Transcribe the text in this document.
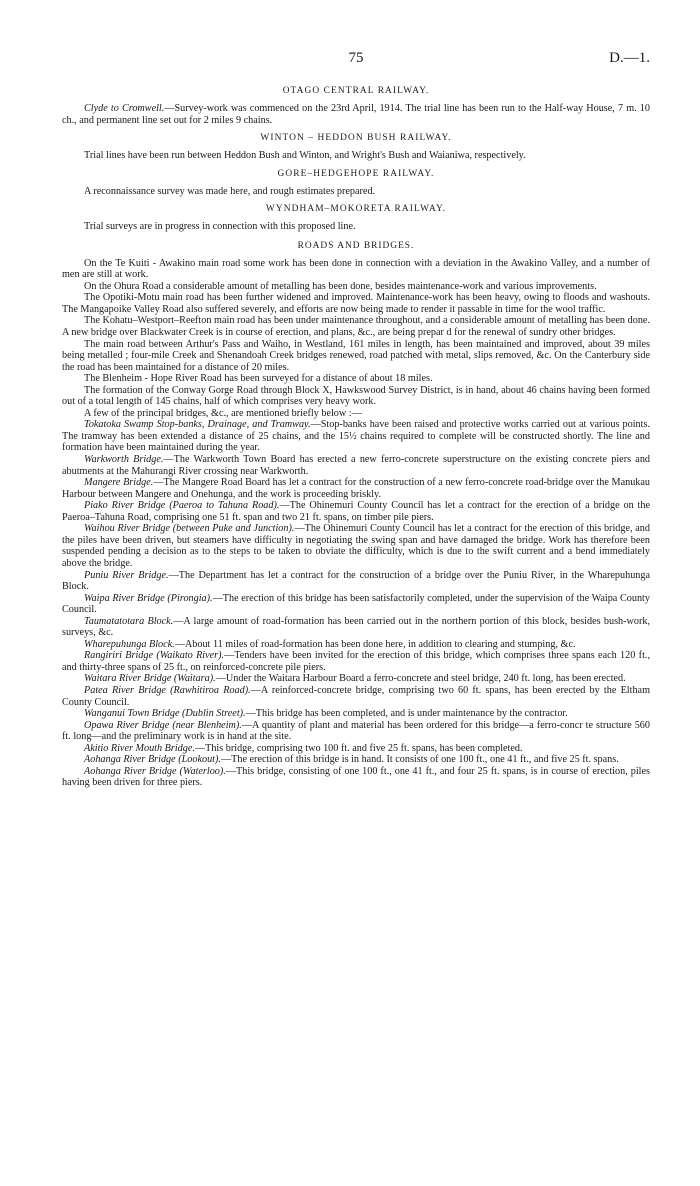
75	D.—1.
OTAGO CENTRAL RAILWAY.

Clyde to Cromwell.—Survey-work was commenced on the 23rd April, 1914. The trial line has been run to the Half-way House, 7 m. 10 ch., and permanent line set out for 2 miles 9 chains.

WINTON – HEDDON BUSH RAILWAY.

Trial lines have been run between Heddon Bush and Winton, and Wright's Bush and Waianiwa, respectively.

GORE–HEDGEHOPE RAILWAY.

A reconnaissance survey was made here, and rough estimates prepared.

WYNDHAM–MOKORETA RAILWAY.

Trial surveys are in progress in connection with this proposed line.

ROADS AND BRIDGES.

On the Te Kuiti - Awakino main road some work has been done in connection with a deviation in the Awakino Valley, and a number of men are still at work.

On the Ohura Road a considerable amount of metalling has been done, besides maintenance-work and various improvements.

The Opotiki-Motu main road has been further widened and improved. Maintenance-work has been heavy, owing to floods and washouts. The Mangapoike Valley Road also suffered severely, and efforts are now being made to render it passable in time for the wool traffic.

The Kohatu–Westport–Reefton main road has been under maintenance throughout, and a considerable amount of metalling has been done. A new bridge over Blackwater Creek is in course of erection, and plans, &c., are being prepar d for the renewal of sundry other bridges.

The main road between Arthur's Pass and Waiho, in Westland, 161 miles in length, has been maintained and improved, about 39 miles being metalled ; four-mile Creek and Shenandoah Creek bridges renewed, road patched with metal, slips removed, &c. On the Canterbury side the road has been maintained for a distance of 20 miles.

The Blenheim - Hope River Road has been surveyed for a distance of about 18 miles.

The formation of the Conway Gorge Road through Block X, Hawkswood Survey District, is in hand, about 46 chains having been formed out of a total length of 145 chains, half of which comprises very heavy work.

A few of the principal bridges, &c., are mentioned briefly below :—

Tokatoka Swamp Stop-banks, Drainage, and Tramway.—Stop-banks have been raised and protective works carried out at various points. The tramway has been extended a distance of 25 chains, and the 15½ chains required to complete will be constructed shortly. The line and formation have been maintained during the year.

Warkworth Bridge.—The Warkworth Town Board has erected a new ferro-concrete superstructure on the existing concrete piers and abutments at the Mahurangi River crossing near Warkworth.

Mangere Bridge.—The Mangere Road Board has let a contract for the construction of a new ferro-concrete road-bridge over the Manukau Harbour between Mangere and Onehunga, and the work is proceeding briskly.

Piako River Bridge (Paeroa to Tahuna Road).—The Ohinemuri County Council has let a contract for the erection of a bridge on the Paeroa–Tahuna Road, comprising one 51 ft. span and two 21 ft. spans, on timber pile piers.

Waihou River Bridge (between Puke and Junction).—The Ohinemuri County Council has let a contract for the erection of this bridge, and the piles have been driven, but steamers have difficulty in negotiating the swing span and have damaged the bridge. Work has therefore been suspended pending a decision as to the steps to be taken to obviate the difficulty, which is due to the swift current and a bend immediately above the bridge.

Puniu River Bridge.—The Department has let a contract for the construction of a bridge over the Puniu River, in the Wharepuhunga Block.

Waipa River Bridge (Pirongia).—The erection of this bridge has been satisfactorily completed, under the supervision of the Waipa County Council.

Taumatatotara Block.—A large amount of road-formation has been carried out in the northern portion of this block, besides bush-work, surveys, &c.

Wharepuhunga Block.—About 11 miles of road-formation has been done here, in addition to clearing and stumping, &c.

Rangiriri Bridge (Waikato River).—Tenders have been invited for the erection of this bridge, which comprises three spans each 120 ft., and thirty-three spans of 25 ft., on reinforced-concrete pile piers.

Waitara River Bridge (Waitara).—Under the Waitara Harbour Board a ferro-concrete and steel bridge, 240 ft. long, has been erected.

Patea River Bridge (Rawhitiroa Road).—A reinforced-concrete bridge, comprising two 60 ft. spans, has been erected by the Eltham County Council.

Wanganui Town Bridge (Dublin Street).—This bridge has been completed, and is under maintenance by the contractor.

Opawa River Bridge (near Blenheim).—A quantity of plant and material has been ordered for this bridge—a ferro-concr te structure 560 ft. long—and the preliminary work is in hand at the site.

Akitio River Mouth Bridge.—This bridge, comprising two 100 ft. and five 25 ft. spans, has been completed.

Aohanga River Bridge (Lookout).—The erection of this bridge is in hand. It consists of one 100 ft., one 41 ft., and five 25 ft. spans.

Aohanga River Bridge (Waterloo).—This bridge, consisting of one 100 ft., one 41 ft., and four 25 ft. spans, is in course of erection, piles having been driven for three piers.
